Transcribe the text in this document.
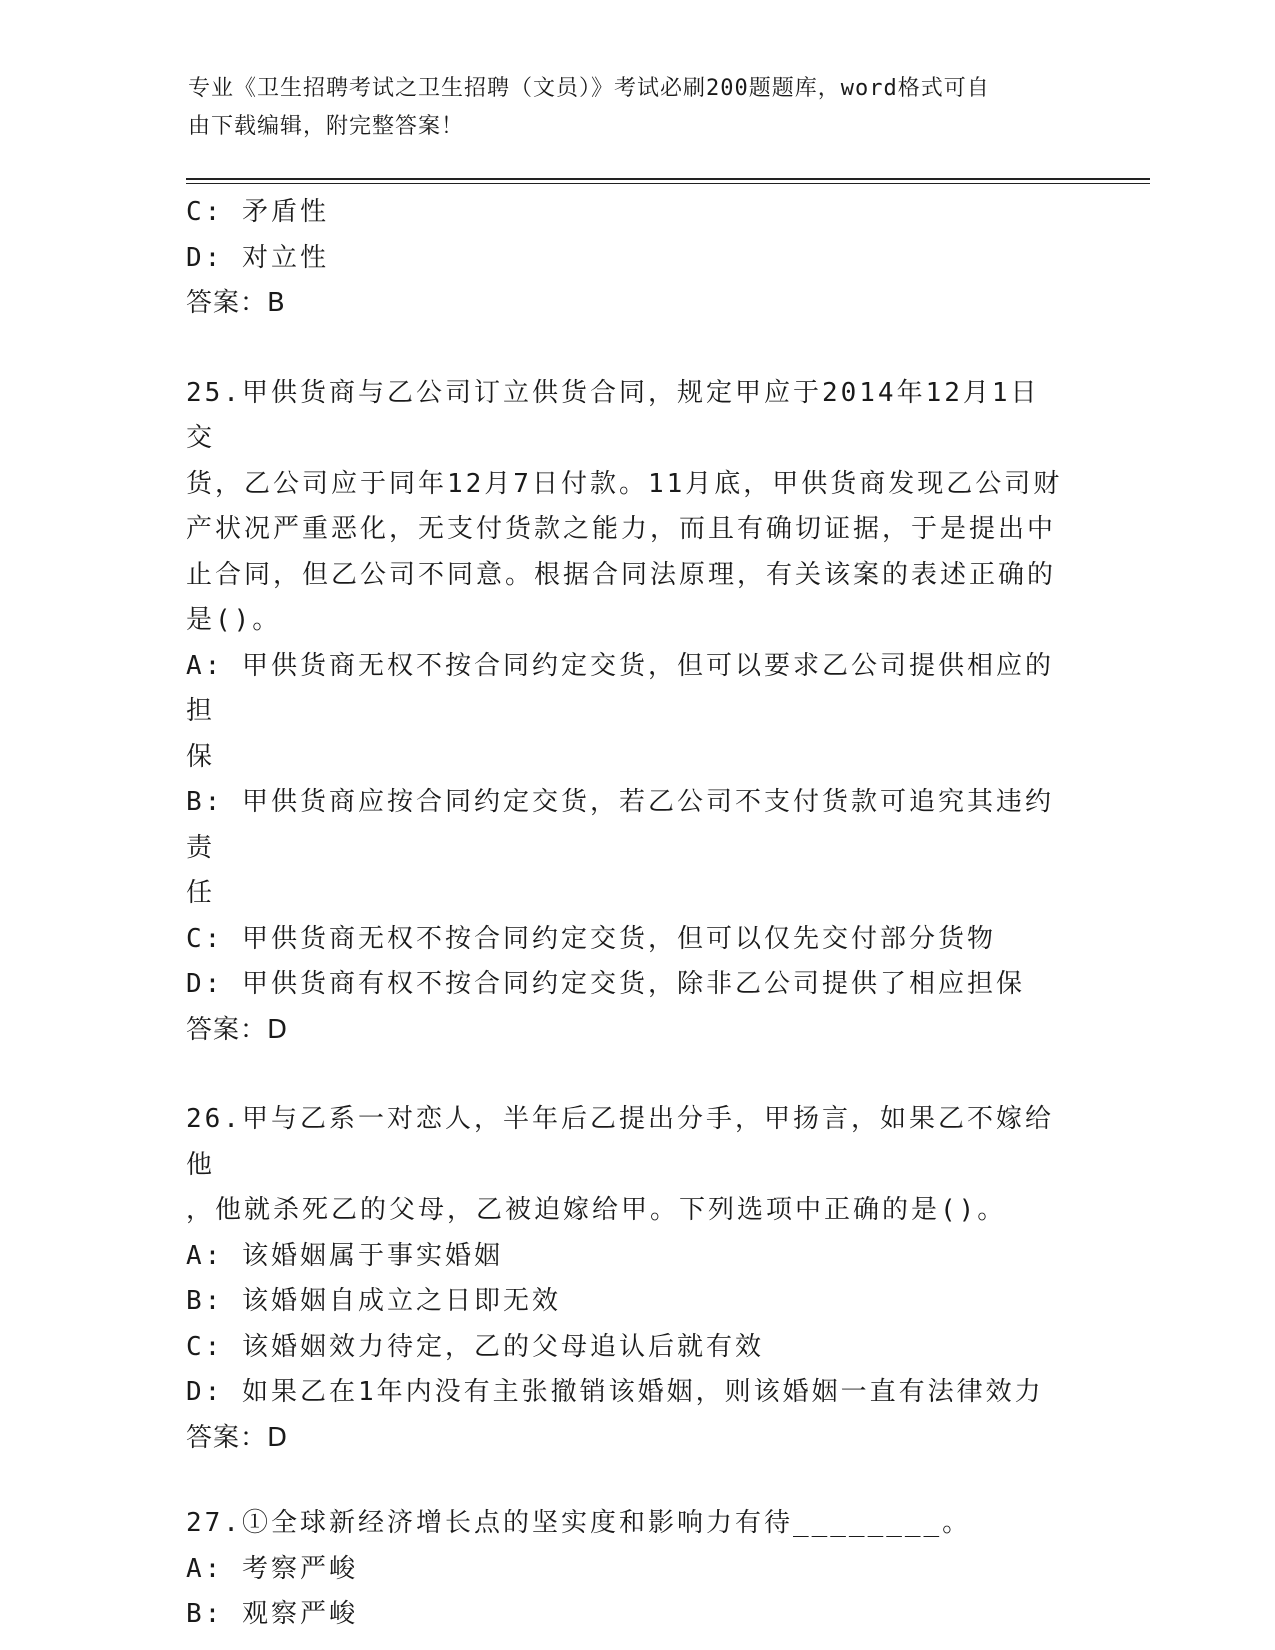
专业《卫生招聘考试之卫生招聘（文员）》考试必刷200题题库，word格式可自
由下载编辑，附完整答案！
C: 矛盾性
D: 对立性
答案：B
25.甲供货商与乙公司订立供货合同，规定甲应于2014年12月1日交
货，乙公司应于同年12月7日付款。11月底，甲供货商发现乙公司财
产状况严重恶化，无支付货款之能力，而且有确切证据，于是提出中
止合同，但乙公司不同意。根据合同法原理，有关该案的表述正确的
是()。
A: 甲供货商无权不按合同约定交货，但可以要求乙公司提供相应的担
保
B: 甲供货商应按合同约定交货，若乙公司不支付货款可追究其违约责
任
C: 甲供货商无权不按合同约定交货，但可以仅先交付部分货物
D: 甲供货商有权不按合同约定交货，除非乙公司提供了相应担保
答案：D
26.甲与乙系一对恋人，半年后乙提出分手，甲扬言，如果乙不嫁给他
，他就杀死乙的父母，乙被迫嫁给甲。下列选项中正确的是()。
A: 该婚姻属于事实婚姻
B: 该婚姻自成立之日即无效
C: 该婚姻效力待定，乙的父母追认后就有效
D: 如果乙在1年内没有主张撤销该婚姻，则该婚姻一直有法律效力
答案：D
27.①全球新经济增长点的坚实度和影响力有待________。
A: 考察严峻
B: 观察严峻
